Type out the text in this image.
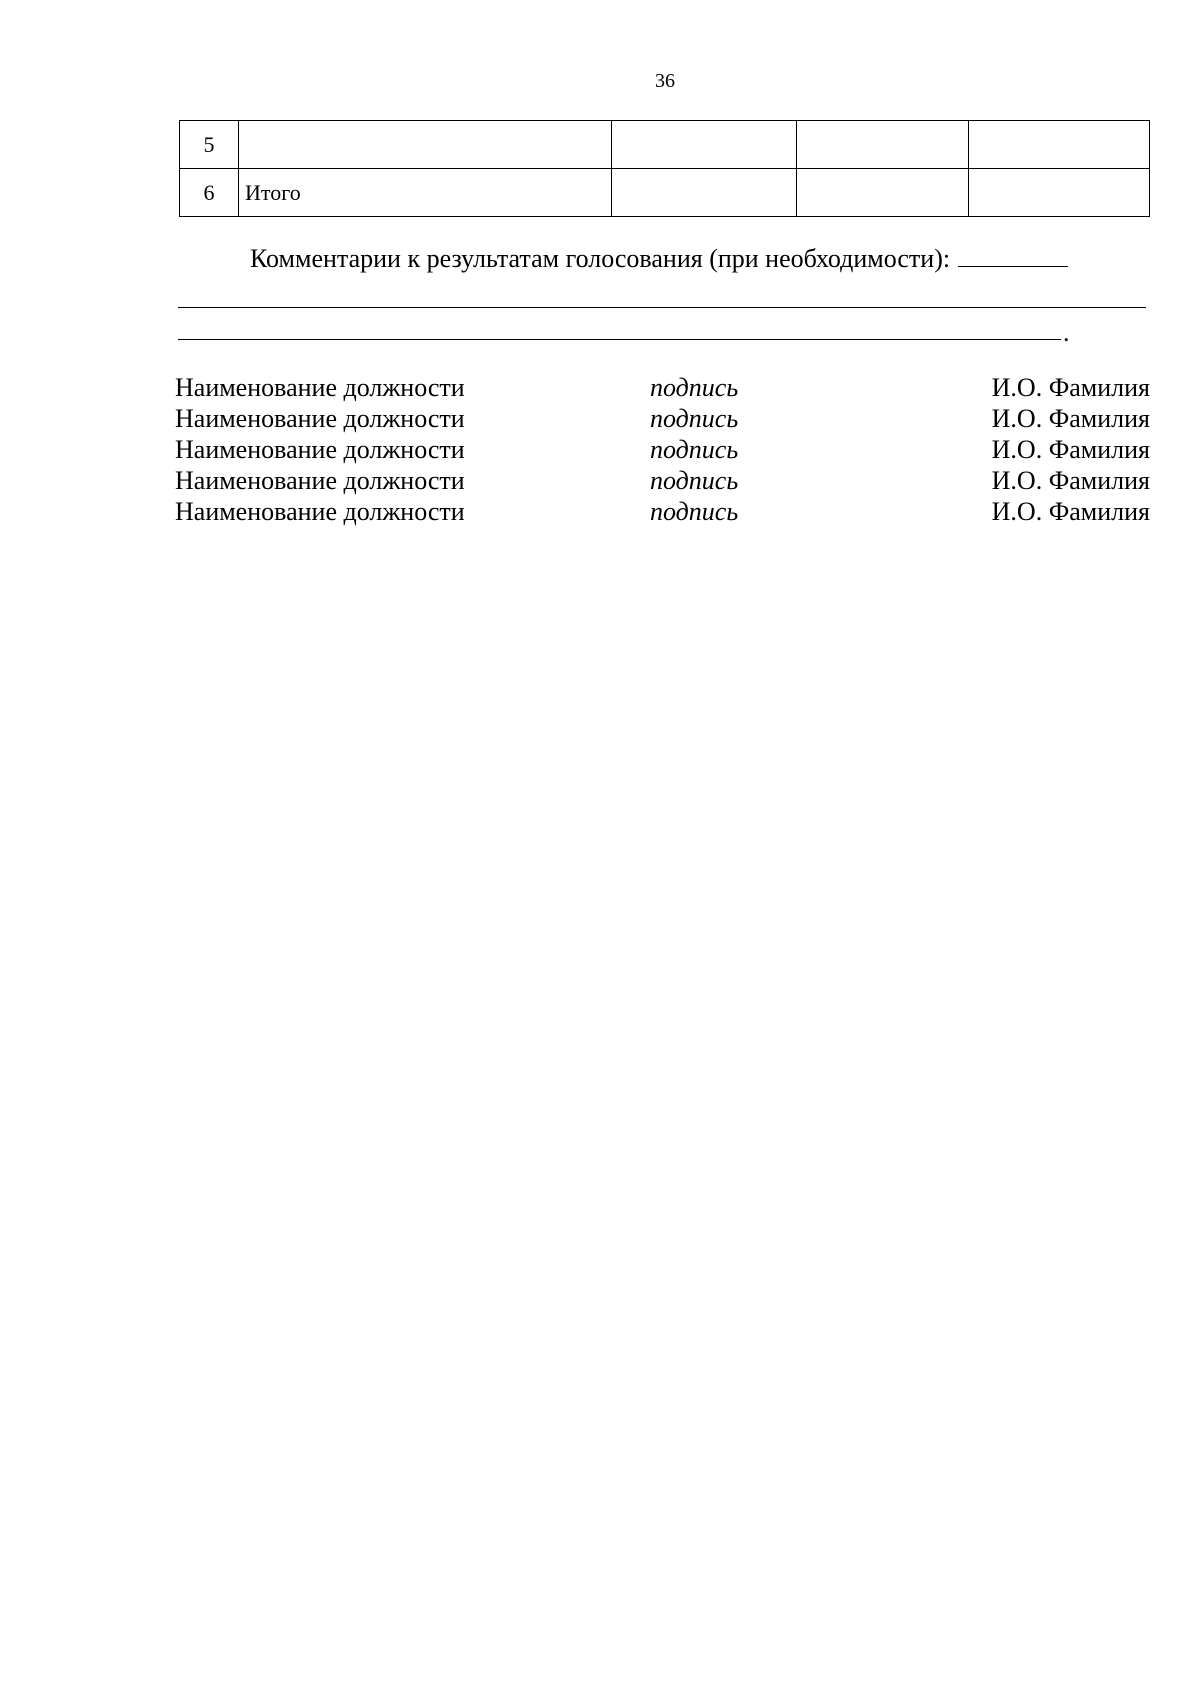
36
5				
6	Итого			
Комментарии к результатам голосования (при необходимости):
.
Наименование должности	подпись	И.О. Фамилия
Наименование должности	подпись	И.О. Фамилия
Наименование должности	подпись	И.О. Фамилия
Наименование должности	подпись	И.О. Фамилия
Наименование должности	подпись	И.О. Фамилия
